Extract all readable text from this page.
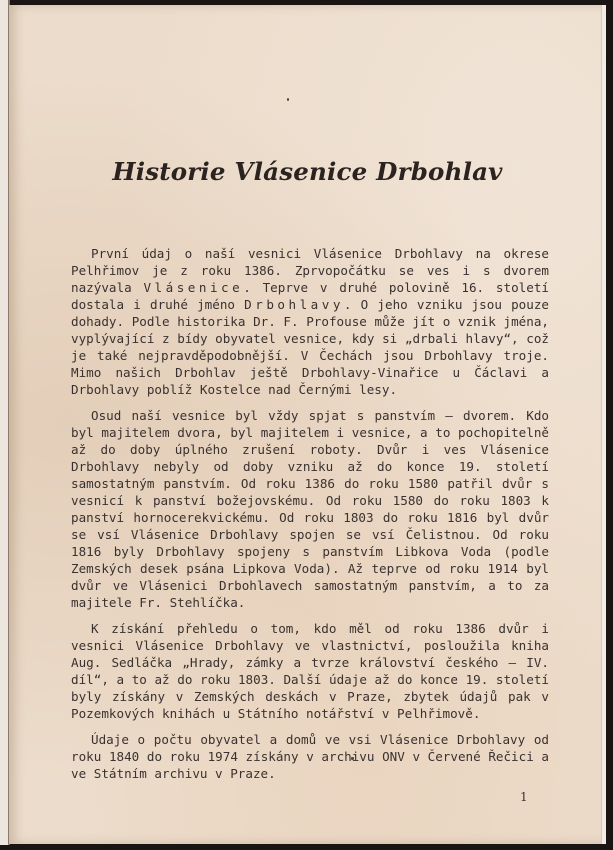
Historie Vlásenice Drbohlav

První údaj o naší vesnici Vlásenice Drbohlavy na okrese Pelhřimov je z roku 1386. Zprvopočátku se ves i s dvorem nazývala Vlásenice. Teprve v druhé polovině 16. století dostala i druhé jméno Drbohlavy. O jeho vzniku jsou pouze dohady. Podle historika Dr. F. Profouse může jít o vznik jména, vyplývající z bídy obyvatel vesnice, kdy si „drbali hlavy“, což je také nejpravděpodobnější. V Čechách jsou Drbohlavy troje. Mimo našich Drbohlav ještě Drbohlavy-Vinařice u Čáclavi a Drbohlavy poblíž Kostelce nad Černými lesy.

Osud naší vesnice byl vždy spjat s panstvím — dvorem. Kdo byl majitelem dvora, byl majitelem i vesnice, a to pochopitelně až do doby úplného zrušení roboty. Dvůr i ves Vlásenice Drbohlavy nebyly od doby vzniku až do konce 19. století samostatným panstvím. Od roku 1386 do roku 1580 patřil dvůr s vesnicí k panství božejovskému. Od roku 1580 do roku 1803 k panství hornocerekvickému. Od roku 1803 do roku 1816 byl dvůr se vsí Vlásenice Drbohlavy spojen se vsí Čelistnou. Od roku 1816 byly Drbohlavy spojeny s panstvím Libkova Voda (podle Zemských desek psána Lipkova Voda). Až teprve od roku 1914 byl dvůr ve Vlásenici Drbohlavech samostatným panstvím, a to za majitele Fr. Stehlíčka.

K získání přehledu o tom, kdo měl od roku 1386 dvůr i vesnici Vlásenice Drbohlavy ve vlastnictví, posloužila kniha Aug. Sedláčka „Hrady, zámky a tvrze království českého — IV. díl“, a to až do roku 1803. Další údaje až do konce 19. století byly získány v Zemských deskách v Praze, zbytek údajů pak v Pozemkových knihách u Státního notářství v Pelhřimově.

Údaje o počtu obyvatel a domů ve vsi Vlásenice Drbohlavy od roku 1840 do roku 1974 získány v archivu ONV v Červené Řečici a ve Státním archivu v Praze.

1
